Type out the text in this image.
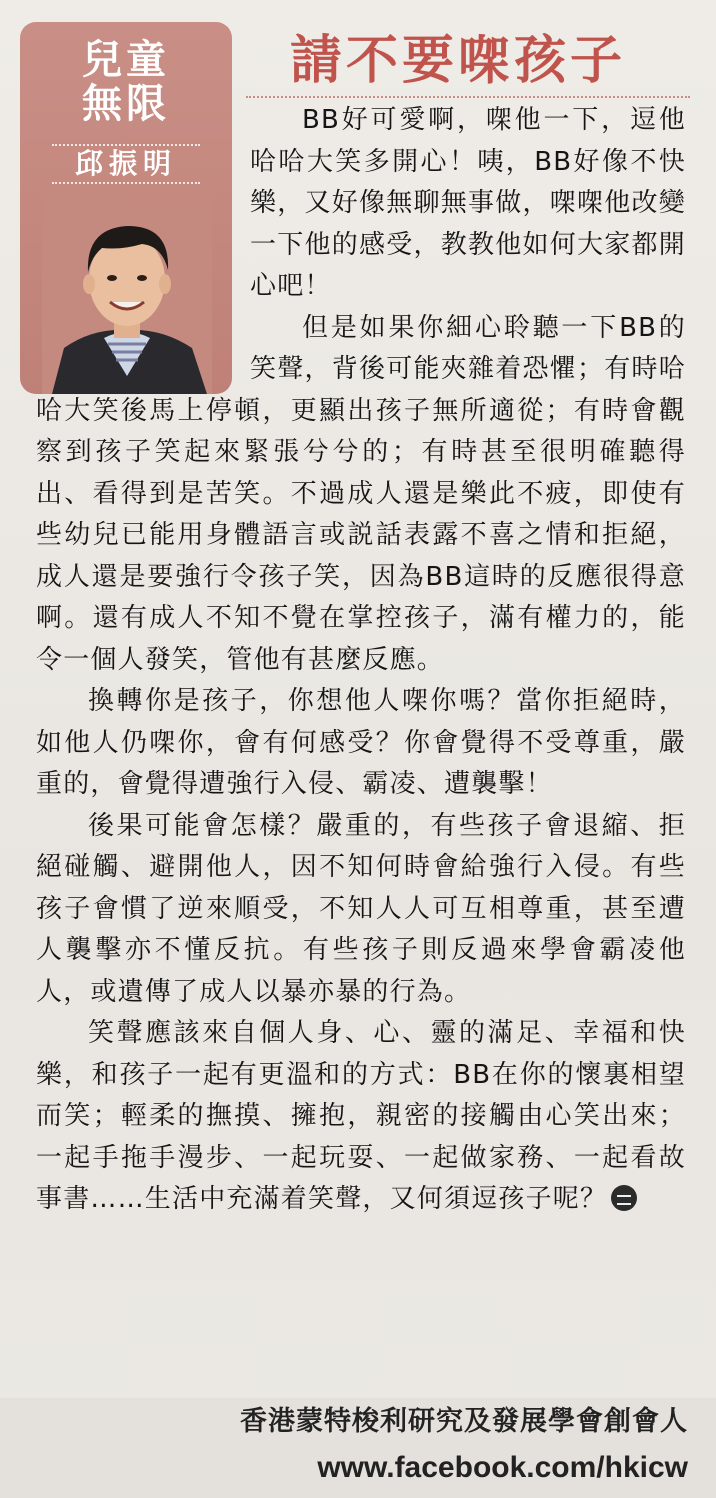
兒童
無限
邱振明
請不要㗎孩子

BB好可愛啊，㗎他一下，逗他哈哈大笑多開心！咦，BB好像不快樂，又好像無聊無事做，㗎㗎他改變一下他的感受，教教他如何大家都開心吧！

但是如果你細心聆聽一下BB的笑聲，背後可能夾雜着恐懼；有時哈哈大笑後馬上停頓，更顯出孩子無所適從；有時會觀察到孩子笑起來緊張兮兮的；有時甚至很明確聽得出、看得到是苦笑。不過成人還是樂此不疲，即使有些幼兒已能用身體語言或説話表露不喜之情和拒絕，成人還是要強行令孩子笑，因為BB這時的反應很得意啊。還有成人不知不覺在掌控孩子，滿有權力的，能令一個人發笑，管他有甚麼反應。

換轉你是孩子，你想他人㗎你嗎？當你拒絕時，如他人仍㗎你，會有何感受？你會覺得不受尊重，嚴重的，會覺得遭強行入侵、霸凌、遭襲擊！

後果可能會怎樣？嚴重的，有些孩子會退縮、拒絕碰觸、避開他人，因不知何時會給強行入侵。有些孩子會慣了逆來順受，不知人人可互相尊重，甚至遭人襲擊亦不懂反抗。有些孩子則反過來學會霸凌他人，或遺傳了成人以暴亦暴的行為。

笑聲應該來自個人身、心、靈的滿足、幸福和快樂，和孩子一起有更溫和的方式：BB在你的懷裏相望而笑；輕柔的撫摸、擁抱，親密的接觸由心笑出來；一起手拖手漫步、一起玩耍、一起做家務、一起看故事書……生活中充滿着笑聲，又何須逗孩子呢？

香港蒙特梭利研究及發展學會創會人
www.facebook.com/hkicw
